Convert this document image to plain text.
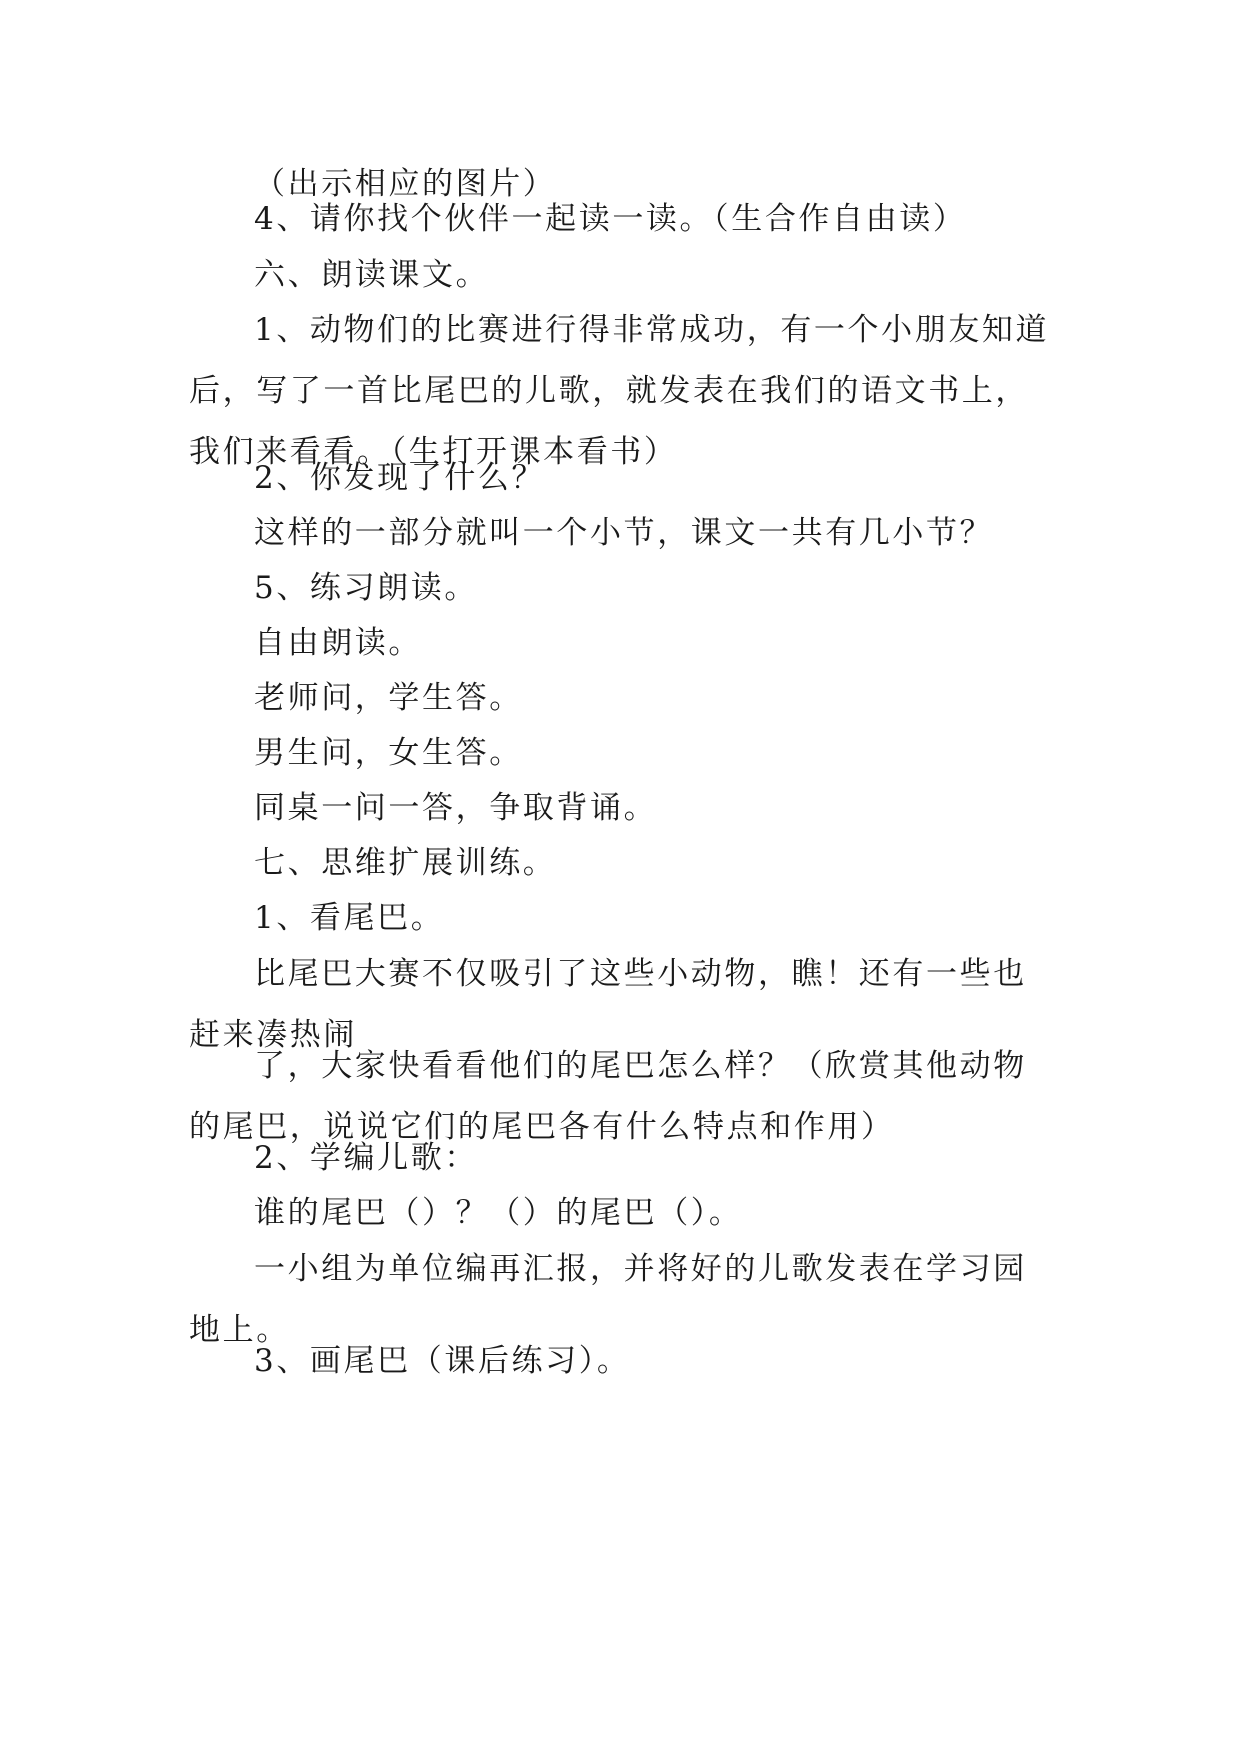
（出示相应的图片）

4、请你找个伙伴一起读一读。（生合作自由读）

六、朗读课文。

1、动物们的比赛进行得非常成功，有一个小朋友知道后，写了一首比尾巴的儿歌，就发表在我们的语文书上，我们来看看。（生打开课本看书）

2、你发现了什么？

这样的一部分就叫一个小节，课文一共有几小节？

5、练习朗读。

自由朗读。

老师问，学生答。

男生问，女生答。

同桌一问一答，争取背诵。

七、思维扩展训练。

1、看尾巴。

比尾巴大赛不仅吸引了这些小动物，瞧！还有一些也赶来凑热闹

了，大家快看看他们的尾巴怎么样？（欣赏其他动物的尾巴，说说它们的尾巴各有什么特点和作用）

2、学编儿歌：

谁的尾巴（）？（）的尾巴（）。

一小组为单位编再汇报，并将好的儿歌发表在学习园地上。

3、画尾巴（课后练习）。
